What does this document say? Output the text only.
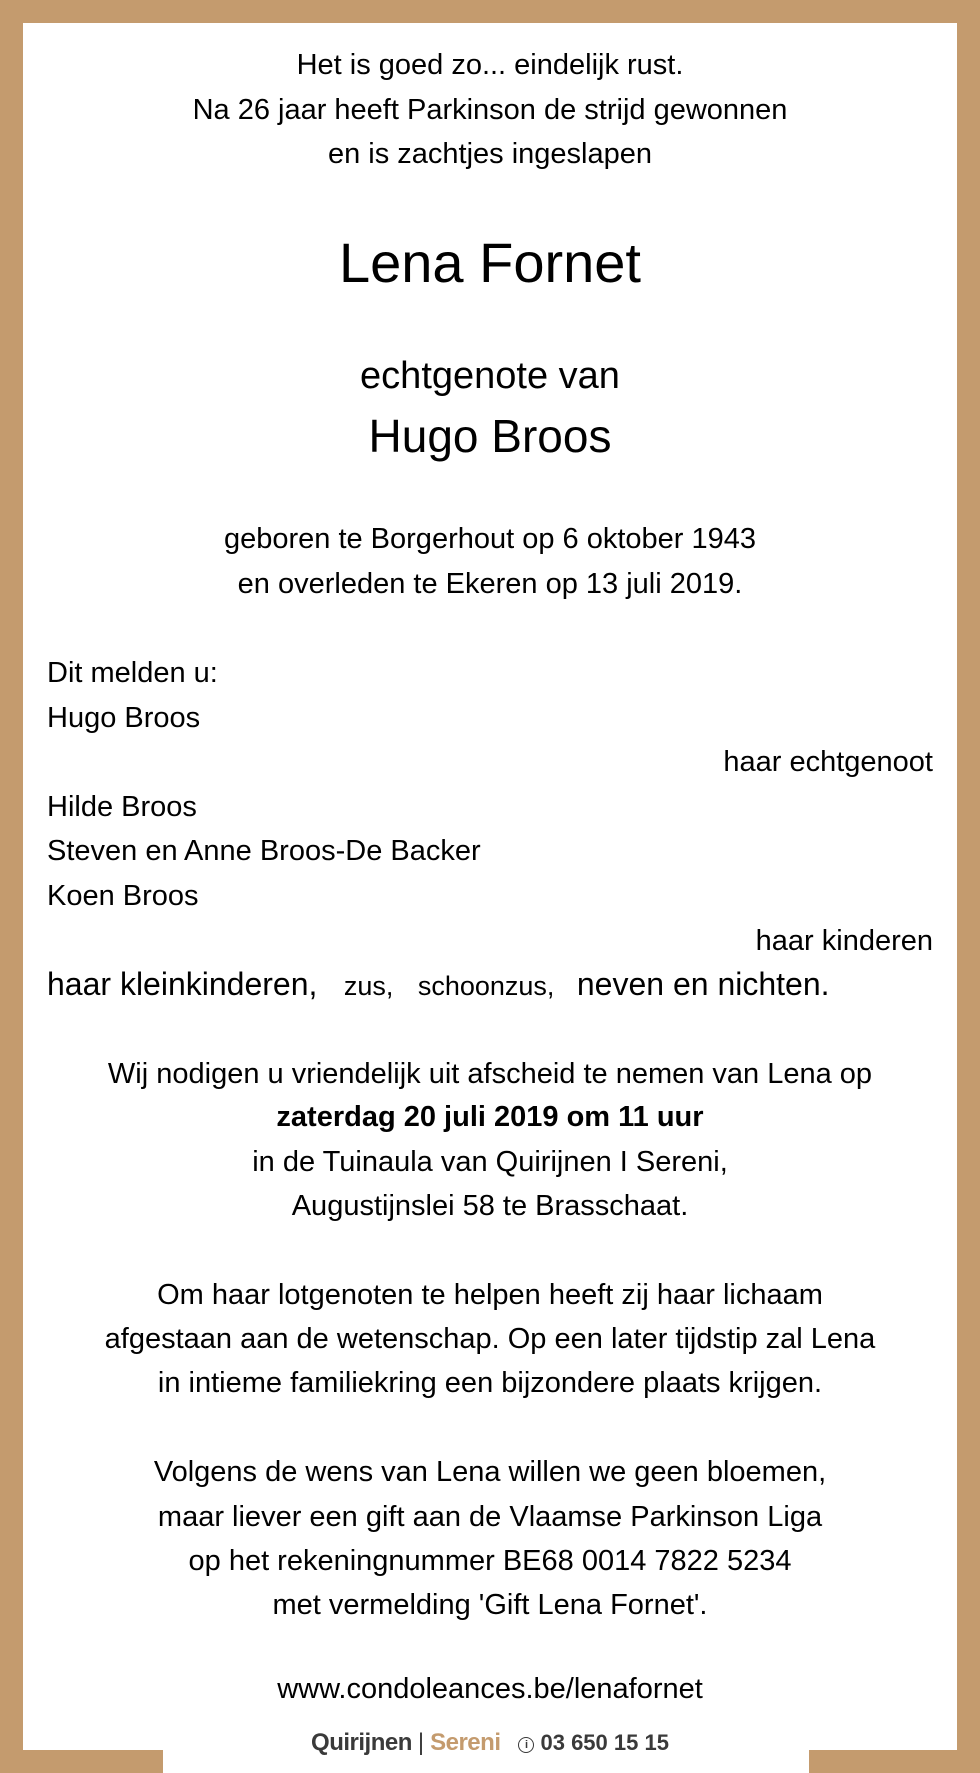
Het is goed zo... eindelijk rust.
Na 26 jaar heeft Parkinson de strijd gewonnen
en is zachtjes ingeslapen
Lena Fornet
echtgenote van
Hugo Broos
geboren te Borgerhout op 6 oktober 1943
en overleden te Ekeren op 13 juli 2019.
Dit melden u:
Hugo Broos
haar echtgenoot
Hilde Broos
Steven en Anne Broos-De Backer
Koen Broos
haar kinderen
haar kleinkinderen, zus, schoonzus, neven en nichten.
Wij nodigen u vriendelijk uit afscheid te nemen van Lena op
zaterdag 20 juli 2019 om 11 uur
in de Tuinaula van Quirijnen I Sereni,
Augustijnslei 58 te Brasschaat.
Om haar lotgenoten te helpen heeft zij haar lichaam
afgestaan aan de wetenschap. Op een later tijdstip zal Lena
in intieme familiekring een bijzondere plaats krijgen.
Volgens de wens van Lena willen we geen bloemen,
maar liever een gift aan de Vlaamse Parkinson Liga
op het rekeningnummer BE68 0014 7822 5234
met vermelding 'Gift Lena Fornet'.
www.condoleances.be/lenafornet
Quirijnen | Sereni i 03 650 15 15
